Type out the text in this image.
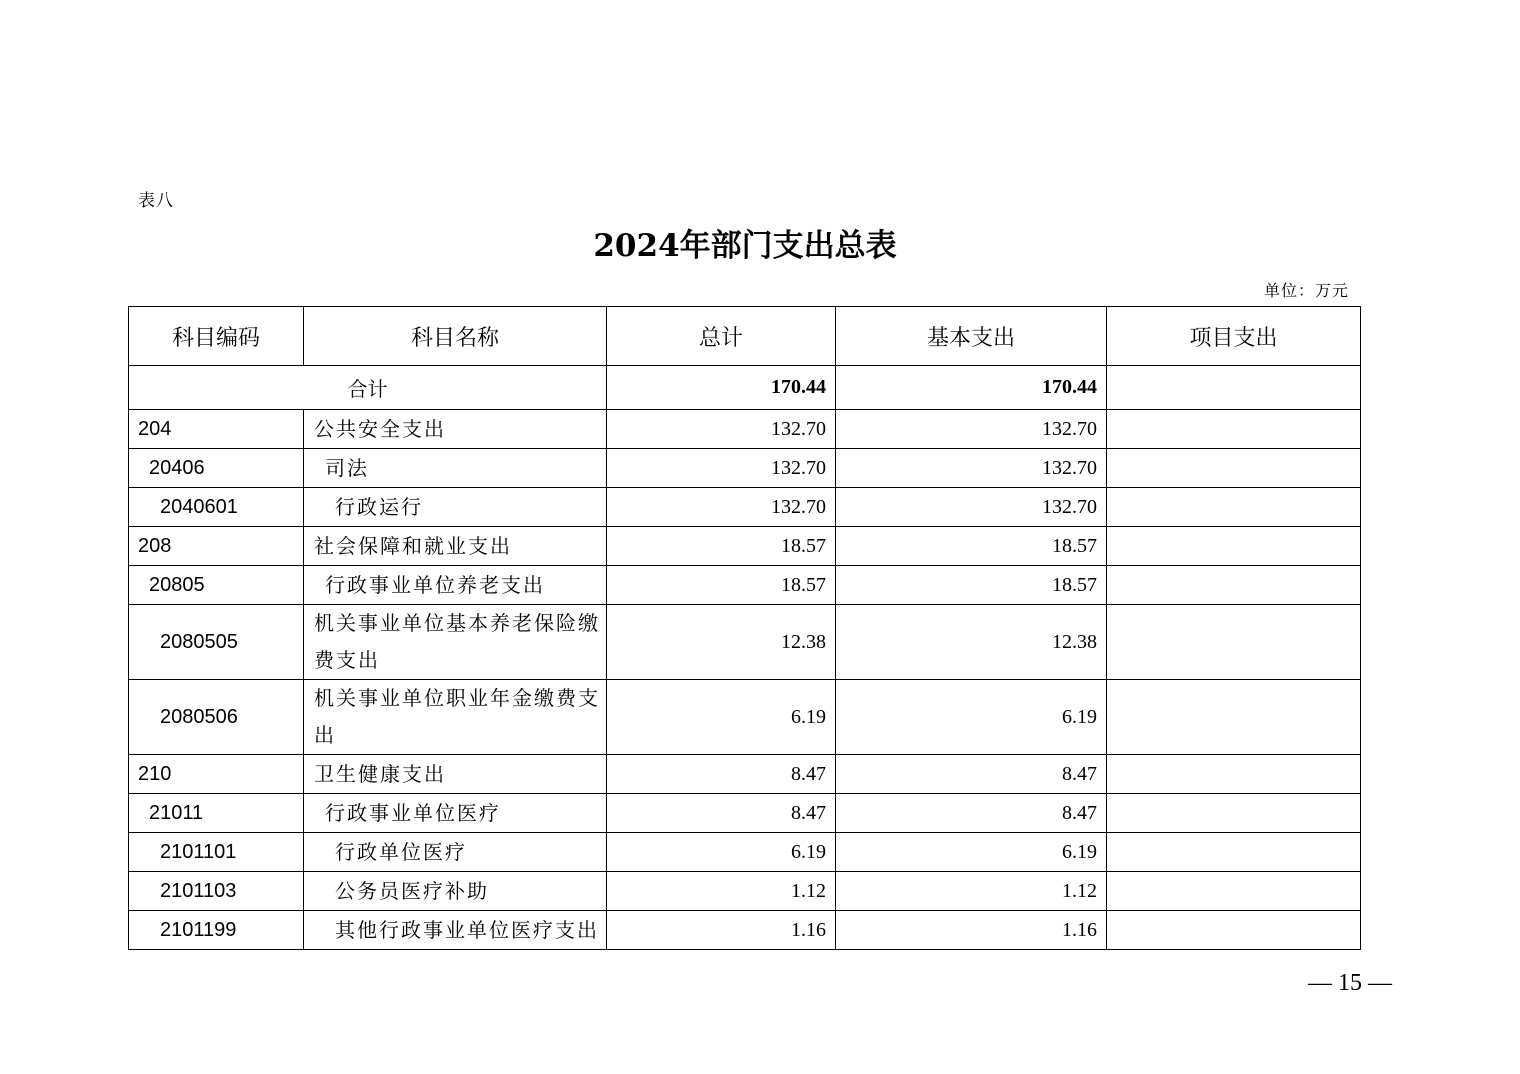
表八
2024年部门支出总表
单位：万元
科目编码	科目名称	总计	基本支出	项目支出
合计		170.44	170.44	
204	公共安全支出	132.70	132.70	
20406	司法	132.70	132.70	
2040601	行政运行	132.70	132.70	
208	社会保障和就业支出	18.57	18.57	
20805	行政事业单位养老支出	18.57	18.57	
2080505	机关事业单位基本养老保险缴费支出	12.38	12.38	
2080506	机关事业单位职业年金缴费支出	6.19	6.19	
210	卫生健康支出	8.47	8.47	
21011	行政事业单位医疗	8.47	8.47	
2101101	行政单位医疗	6.19	6.19	
2101103	公务员医疗补助	1.12	1.12	
2101199	其他行政事业单位医疗支出	1.16	1.16	
— 15 —
